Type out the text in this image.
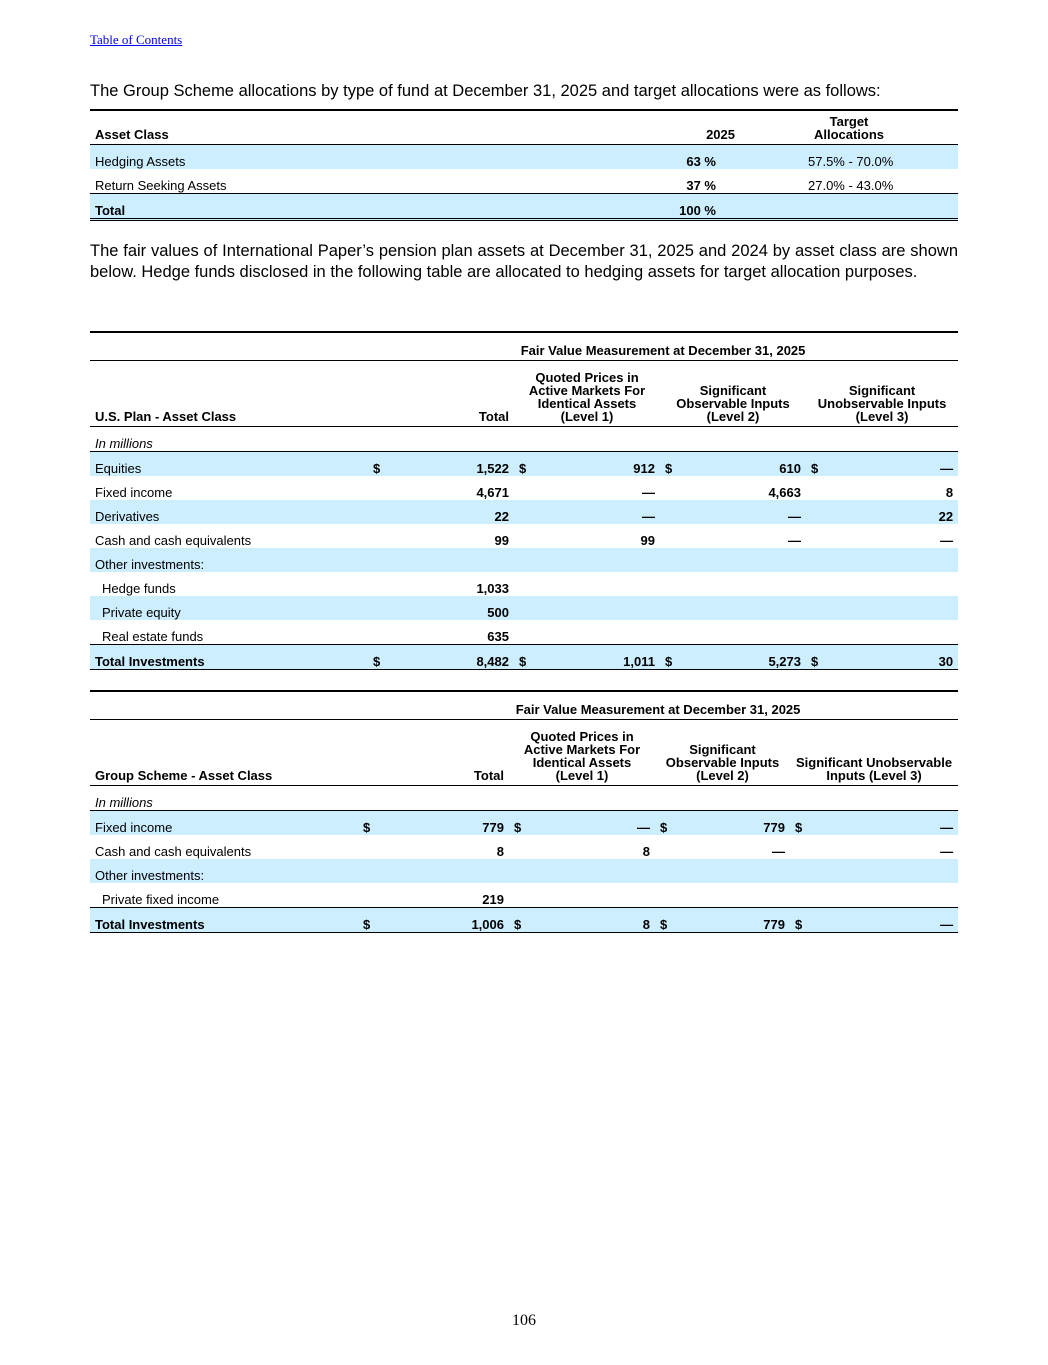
Table of Contents
The Group Scheme allocations by type of fund at December 31, 2025 and target allocations were as follows:
Asset Class	2025	Target Allocations
Hedging Assets	63 %	57.5% - 70.0%
Return Seeking Assets	37 %	27.0% - 43.0%
Total	100 %	
The fair values of International Paper’s pension plan assets at December 31, 2025 and 2024 by asset class are shown below. Hedge funds disclosed in the following table are allocated to hedging assets for target allocation purposes.
	Fair Value Measurement at December 31, 2025							
U.S. Plan - Asset Class	Total		Quoted Prices in Active Markets For Identical Assets (Level 1)		Significant Observable Inputs (Level 2)		Significant Unobservable Inputs (Level 3)	
In millions								
Equities	$	1,522	$	912	$	610	$	—
Fixed income		4,671		—		4,663		8
Derivatives		22		—		—		22
Cash and cash equivalents		99		99		—		—
Other investments:								
Hedge funds		1,033						
Private equity		500						
Real estate funds		635						
Total Investments	$	8,482	$	1,011	$	5,273	$	30
	Fair Value Measurement at December 31, 2025							
Group Scheme - Asset Class	Total		Quoted Prices in Active Markets For Identical Assets (Level 1)		Significant Observable Inputs (Level 2)		Significant Unobservable Inputs (Level 3)	
In millions								
Fixed income	$	779	$	—	$	779	$	—
Cash and cash equivalents		8		8		—		—
Other investments:								
Private fixed income		219						
Total Investments	$	1,006	$	8	$	779	$	—
106
